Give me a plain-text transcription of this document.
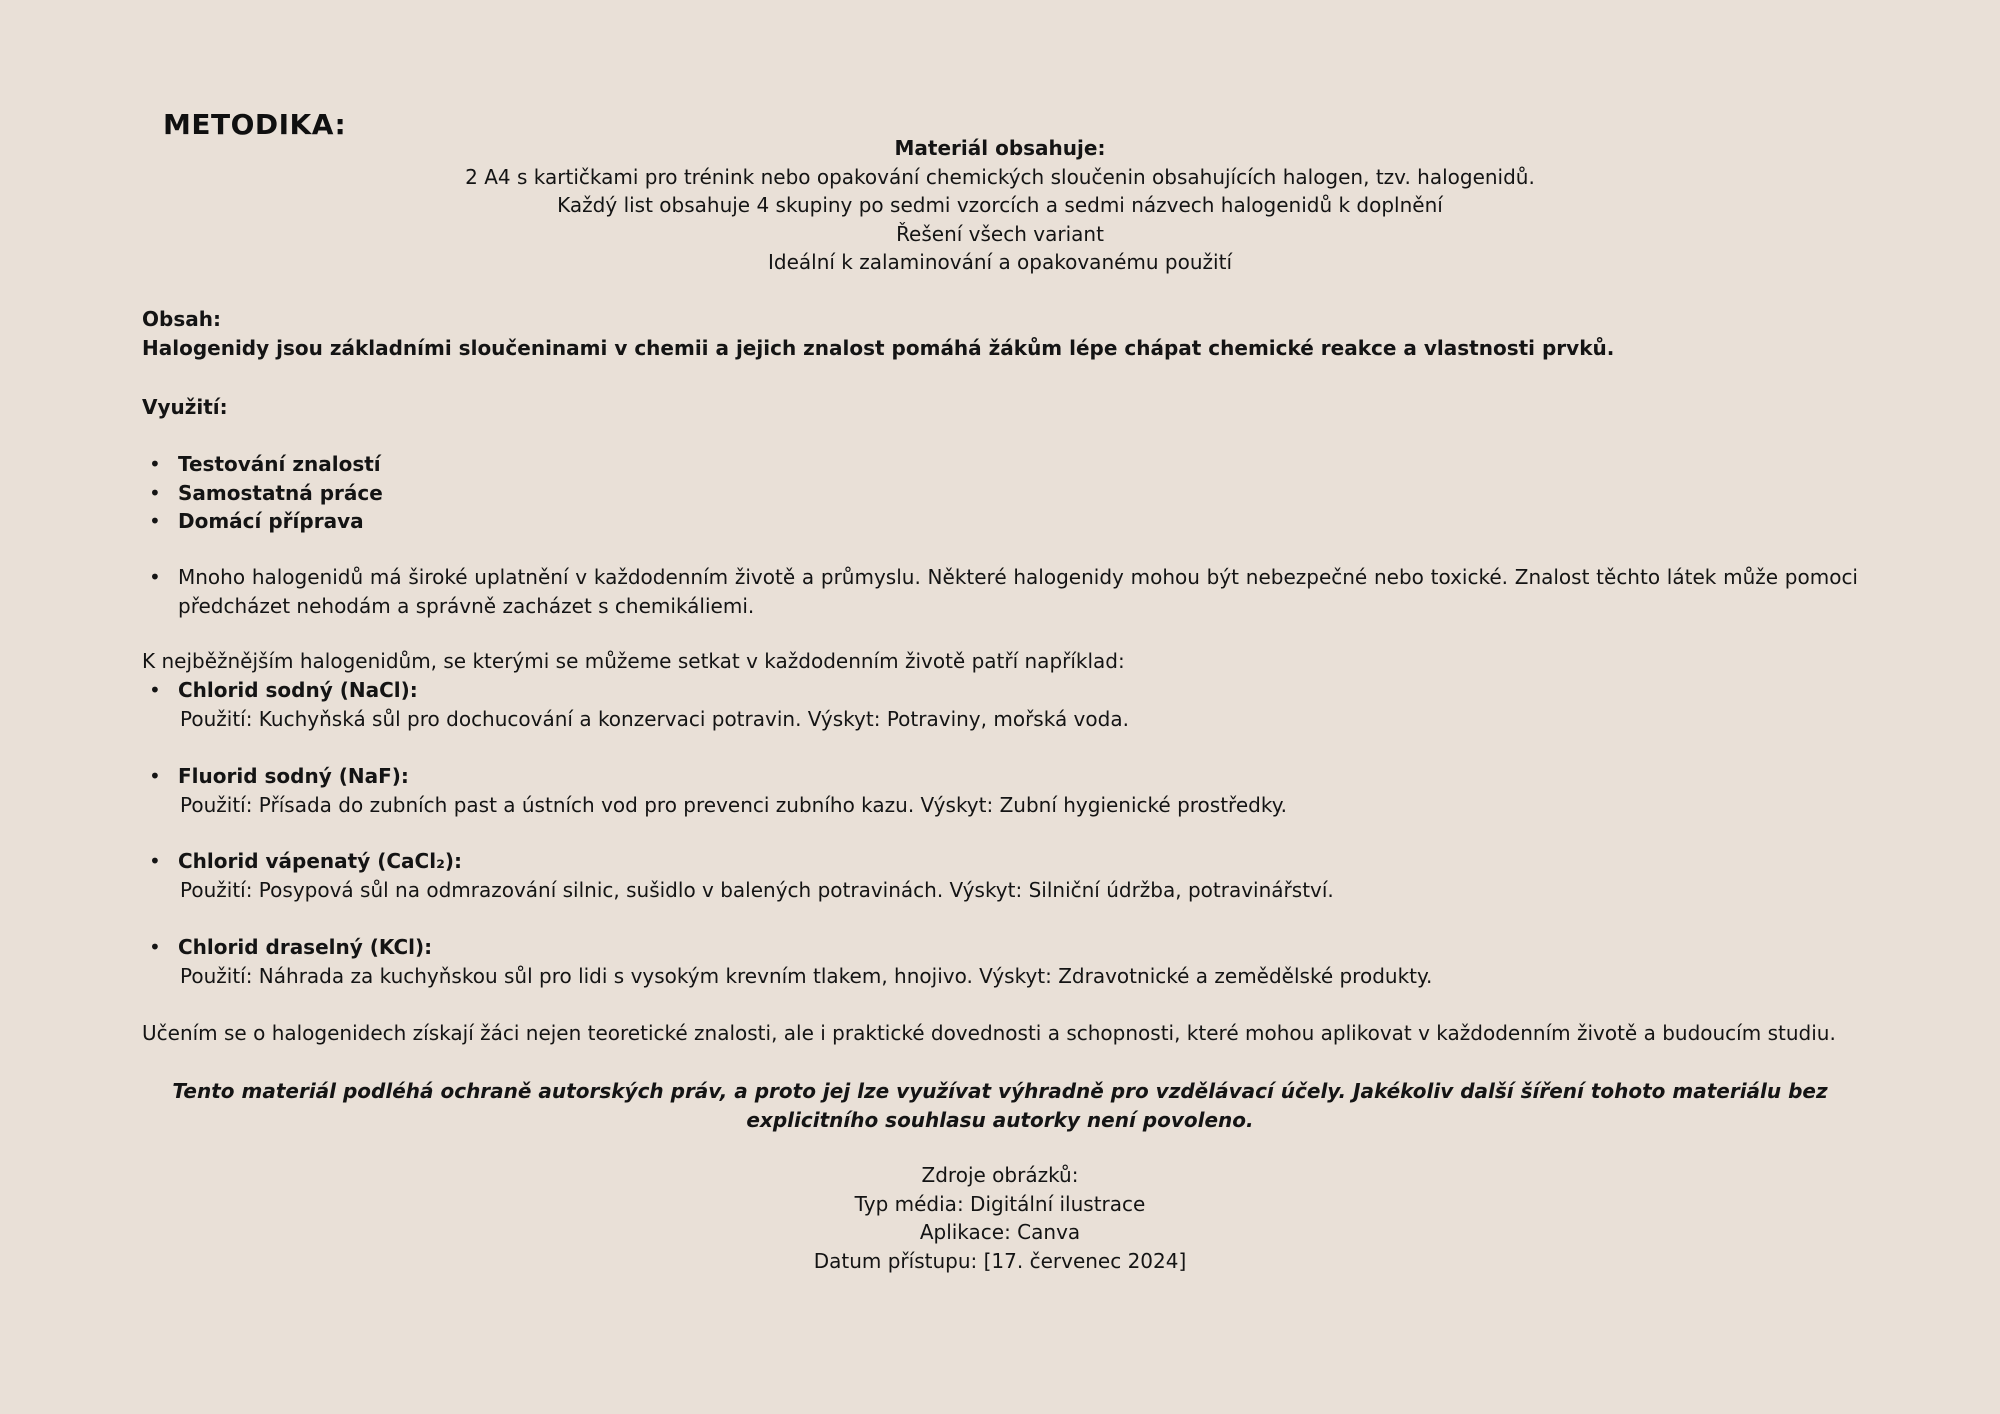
METODIKA:

Materiál obsahuje:

2 A4 s kartičkami pro trénink nebo opakování chemických sloučenin obsahujících halogen, tzv. halogenidů.

Každý list obsahuje 4 skupiny po sedmi vzorcích a sedmi názvech halogenidů k doplnění

Řešení všech variant

Ideální k zalaminování a opakovanému použití

Obsah:

Halogenidy jsou základními sloučeninami v chemii a jejich znalost pomáhá žákům lépe chápat chemické reakce a vlastnosti prvků.

Využití:

• Testování znalostí
• Samostatná práce
• Domácí příprava
• Mnoho halogenidů má široké uplatnění v každodenním životě a průmyslu. Některé halogenidy mohou být nebezpečné nebo toxické. Znalost těchto látek může pomoci předcházet nehodám a správně zacházet s chemikáliemi.

K nejběžnějším halogenidům, se kterými se můžeme setkat v každodenním životě patří například:

• Chlorid sodný (NaCl):

Použití: Kuchyňská sůl pro dochucování a konzervaci potravin. Výskyt: Potraviny, mořská voda.

• Fluorid sodný (NaF):

Použití: Přísada do zubních past a ústních vod pro prevenci zubního kazu. Výskyt: Zubní hygienické prostředky.

• Chlorid vápenatý (CaCl₂):

Použití: Posypová sůl na odmrazování silnic, sušidlo v balených potravinách. Výskyt: Silniční údržba, potravinářství.

• Chlorid draselný (KCl):

Použití: Náhrada za kuchyňskou sůl pro lidi s vysokým krevním tlakem, hnojivo. Výskyt: Zdravotnické a zemědělské produkty.

Učením se o halogenidech získají žáci nejen teoretické znalosti, ale i praktické dovednosti a schopnosti, které mohou aplikovat v každodenním životě a budoucím studiu.

Tento materiál podléhá ochraně autorských práv, a proto jej lze využívat výhradně pro vzdělávací účely. Jakékoliv další šíření tohoto materiálu bez explicitního souhlasu autorky není povoleno.

Zdroje obrázků:

Typ média: Digitální ilustrace

Aplikace: Canva

Datum přístupu: [17. červenec 2024]
